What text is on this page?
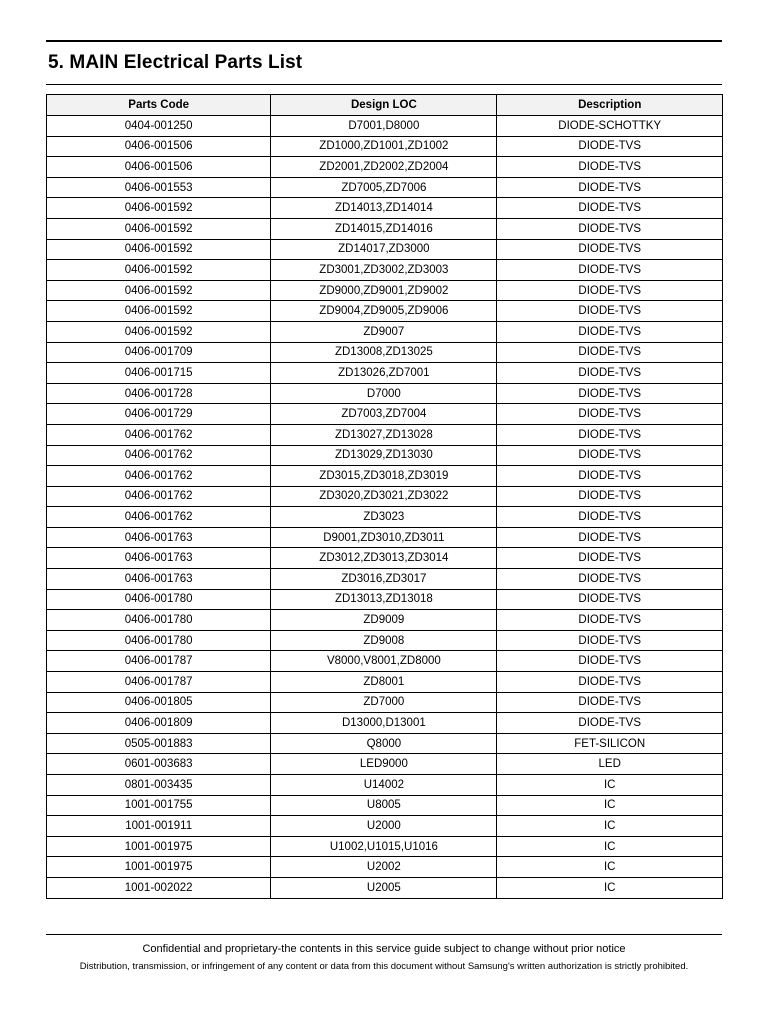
5. MAIN Electrical Parts List
Parts Code	Design LOC	Description
0404-001250	D7001,D8000	DIODE-SCHOTTKY
0406-001506	ZD1000,ZD1001,ZD1002	DIODE-TVS
0406-001506	ZD2001,ZD2002,ZD2004	DIODE-TVS
0406-001553	ZD7005,ZD7006	DIODE-TVS
0406-001592	ZD14013,ZD14014	DIODE-TVS
0406-001592	ZD14015,ZD14016	DIODE-TVS
0406-001592	ZD14017,ZD3000	DIODE-TVS
0406-001592	ZD3001,ZD3002,ZD3003	DIODE-TVS
0406-001592	ZD9000,ZD9001,ZD9002	DIODE-TVS
0406-001592	ZD9004,ZD9005,ZD9006	DIODE-TVS
0406-001592	ZD9007	DIODE-TVS
0406-001709	ZD13008,ZD13025	DIODE-TVS
0406-001715	ZD13026,ZD7001	DIODE-TVS
0406-001728	D7000	DIODE-TVS
0406-001729	ZD7003,ZD7004	DIODE-TVS
0406-001762	ZD13027,ZD13028	DIODE-TVS
0406-001762	ZD13029,ZD13030	DIODE-TVS
0406-001762	ZD3015,ZD3018,ZD3019	DIODE-TVS
0406-001762	ZD3020,ZD3021,ZD3022	DIODE-TVS
0406-001762	ZD3023	DIODE-TVS
0406-001763	D9001,ZD3010,ZD3011	DIODE-TVS
0406-001763	ZD3012,ZD3013,ZD3014	DIODE-TVS
0406-001763	ZD3016,ZD3017	DIODE-TVS
0406-001780	ZD13013,ZD13018	DIODE-TVS
0406-001780	ZD9009	DIODE-TVS
0406-001780	ZD9008	DIODE-TVS
0406-001787	V8000,V8001,ZD8000	DIODE-TVS
0406-001787	ZD8001	DIODE-TVS
0406-001805	ZD7000	DIODE-TVS
0406-001809	D13000,D13001	DIODE-TVS
0505-001883	Q8000	FET-SILICON
0601-003683	LED9000	LED
0801-003435	U14002	IC
1001-001755	U8005	IC
1001-001911	U2000	IC
1001-001975	U1002,U1015,U1016	IC
1001-001975	U2002	IC
1001-002022	U2005	IC
Confidential and proprietary-the contents in this service guide subject to change without prior notice
Distribution, transmission, or infringement of any content or data from this document without Samsung's written authorization is strictly prohibited.
